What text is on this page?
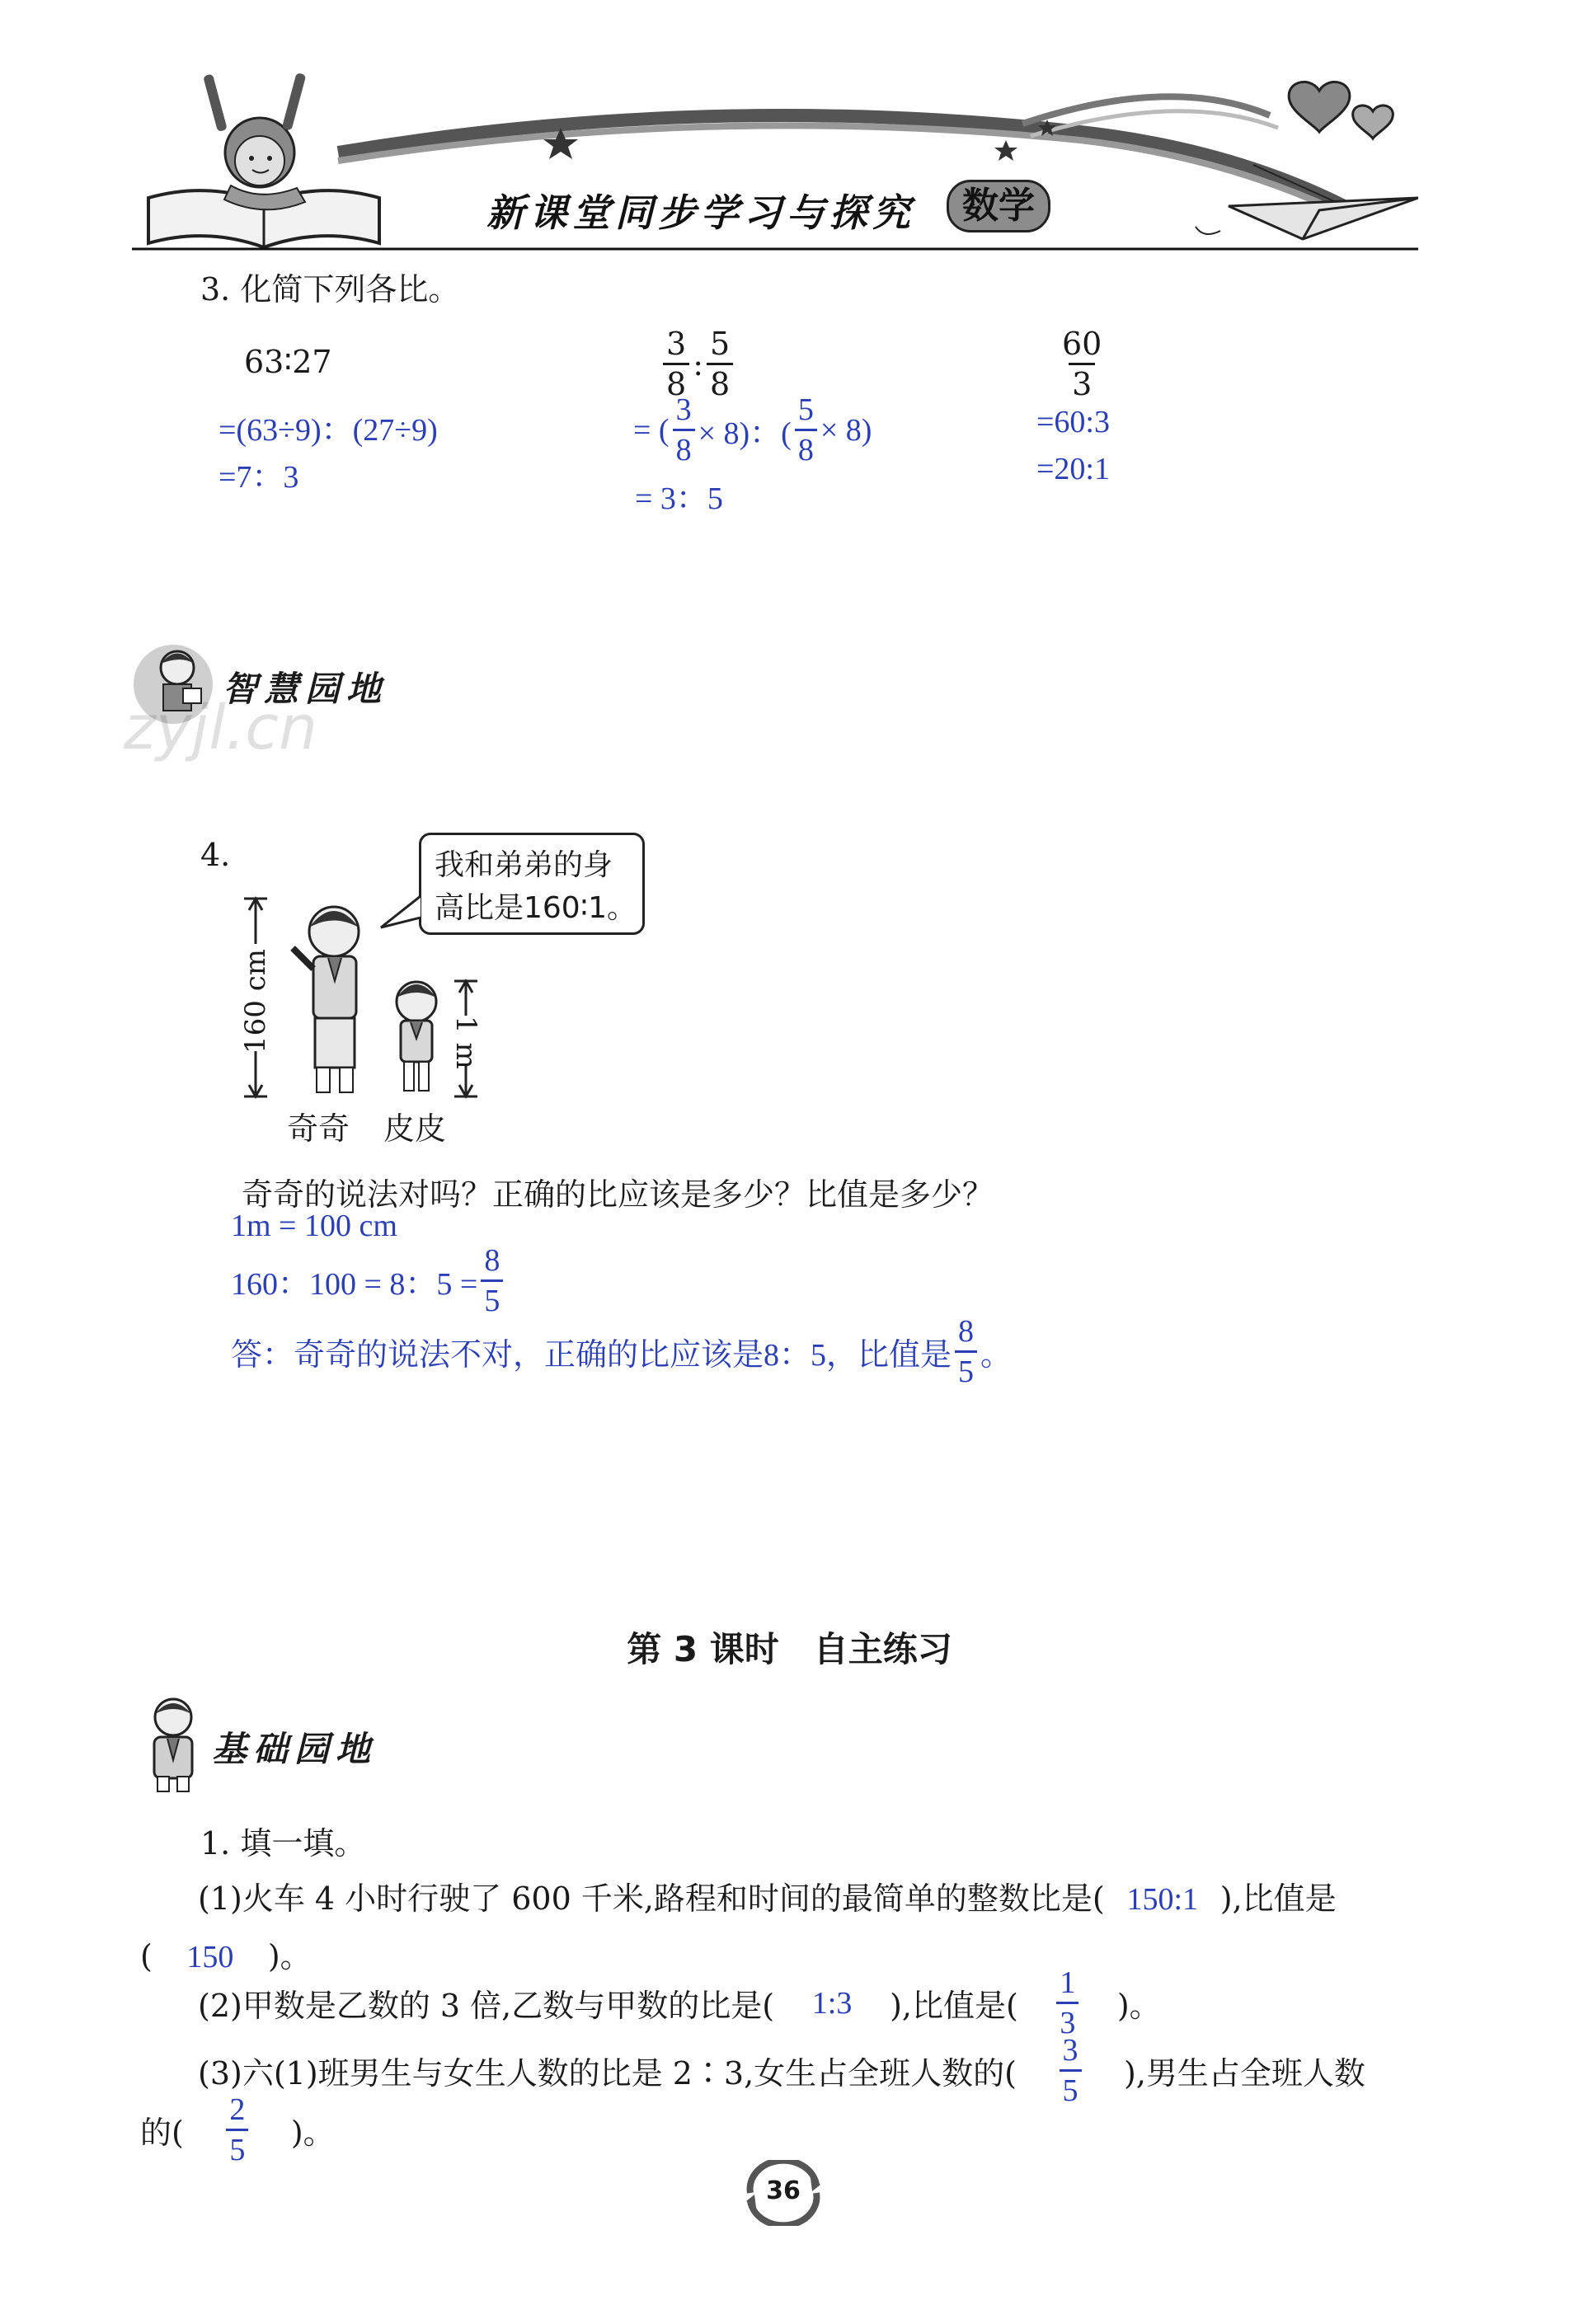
新课堂同步学习与探究	数学
3. 化简下列各比。
63∶27
=(63÷9)：(27÷9)
=7：3
$\frac{3}{8}$ : $\frac{5}{8}$
= ( $\frac{3}{8} \times 8$)：( $\frac{5}{8} \times 8$)
= 3：5
$\frac{60}{3}$
=60:3
=20:1
智慧园地
zyjl.cn
4.	我和弟弟的身
高比是160∶1。
160 cm	1 m
奇奇 皮皮
奇奇的说法对吗？正确的比应该是多少？比值是多少？
1m = 100 cm
160：100 = 8：$5 = \frac{8}{5}$
答：奇奇的说法不对，正确的比应该是8：5，比值是 $\frac{8}{5}$ 。
第 3 课时　自主练习
基础园地
1. 填一填。
(1)火车 4 小时行驶了 600 千米,路程和时间的最简单的整数比是( 150:1 ),比值是
( 150 )。
(2)甲数是乙数的 3 倍,乙数与甲数的比是(	1:3	),比值是( $\frac{1}{3}$ )。
(3)六(1)班男生与女生人数的比是 2∶3,女生占全班人数的( $\frac{3}{5}$ ),男生占全班人数
的( $\frac{2}{5}$ )。
36
